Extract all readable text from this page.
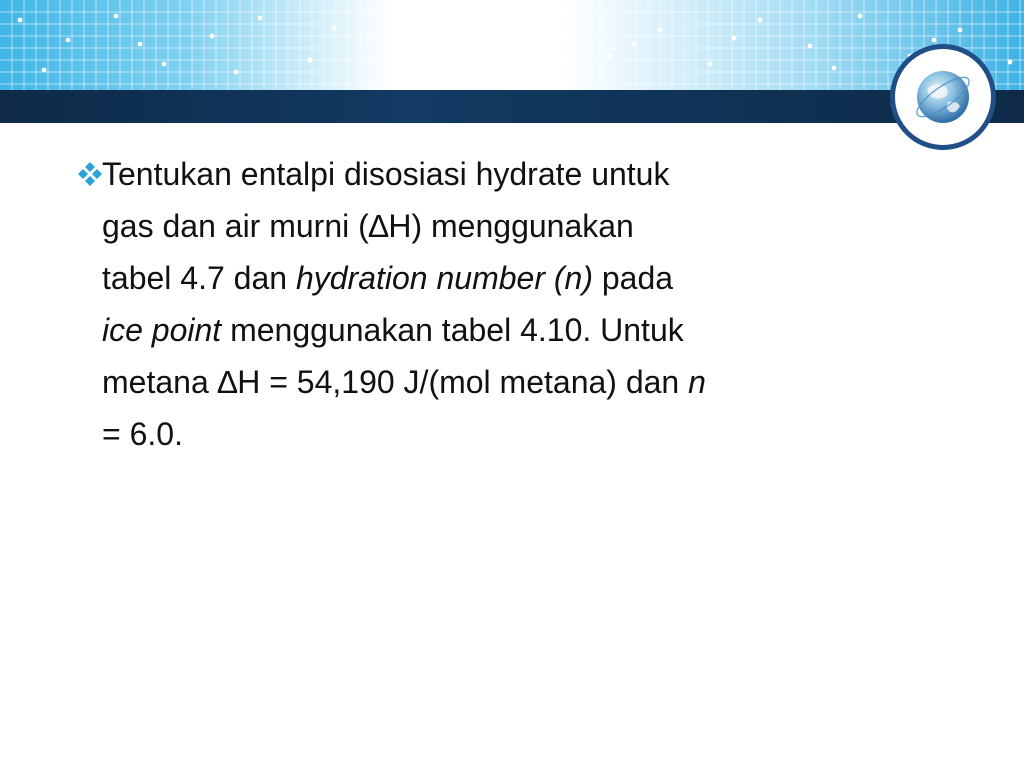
Tentukan entalpi disosiasi hydrate untuk
gas dan air murni (∆H) menggunakan
tabel 4.7 dan hydration number (n) pada
ice point menggunakan tabel 4.10. Untuk
metana ∆H = 54,190 J/(mol metana) dan n
= 6.0.
